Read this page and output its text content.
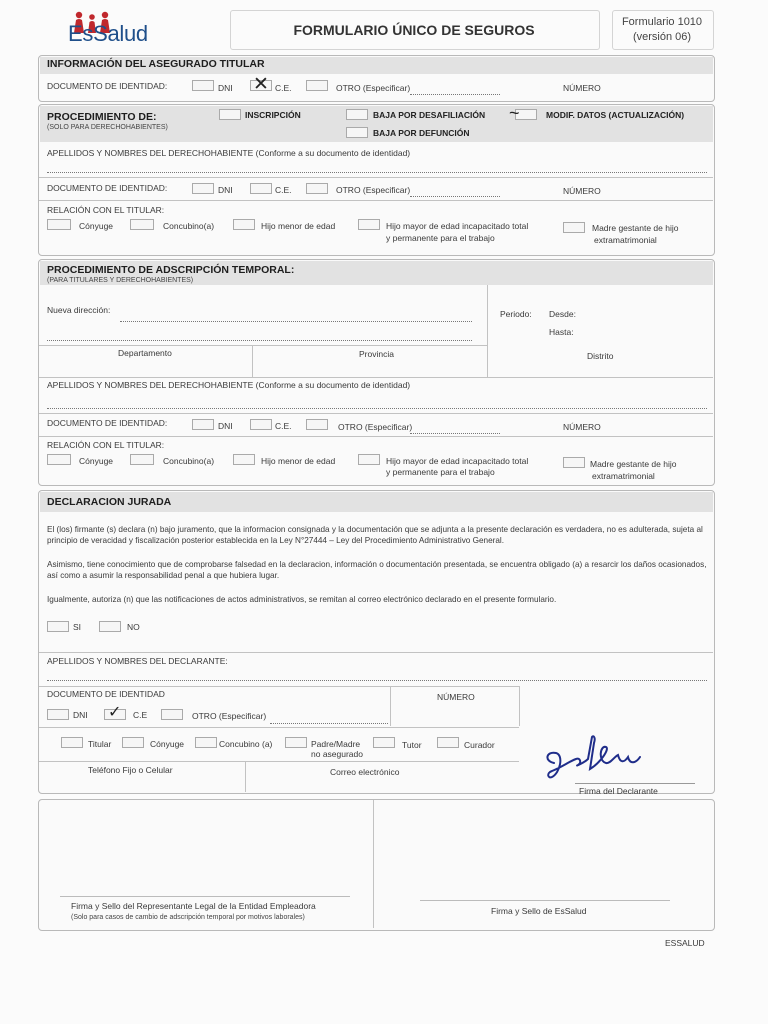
EsSalud	FORMULARIO ÚNICO DE SEGUROS	Formulario 1010
(versión 06)
INFORMACIÓN DEL ASEGURADO TITULAR
DOCUMENTO DE IDENTIDAD:	DNI ✕ C.E.	OTRO (Especificar)	NÚMERO
PROCEDIMIENTO DE:
(SOLO PARA DERECHOHABIENTES)
INSCRIPCIÓN	BAJA POR DESAFILIACIÓN
BAJA POR DEFUNCIÓN
~	MODIF. DATOS (ACTUALIZACIÓN)
APELLIDOS Y NOMBRES DEL DERECHOHABIENTE (Conforme a su documento de identidad)
DOCUMENTO DE IDENTIDAD:	DNI	C.E.	OTRO (Especificar)	NÚMERO
RELACIÓN CON EL TITULAR:
Cónyuge	Concubino(a)	Hijo menor de edad	Hijo mayor de edad incapacitado total
y permanente para el trabajo
Madre gestante de hijo
extramatrimonial
PROCEDIMIENTO DE ADSCRIPCIÓN TEMPORAL:
(PARA TITULARES Y DERECHOHABIENTES)
Nueva dirección:	Periodo: Desde:
Hasta:
Departamento	Provincia	Distrito
APELLIDOS Y NOMBRES DEL DERECHOHABIENTE (Conforme a su documento de identidad)
DOCUMENTO DE IDENTIDAD:	DNI	C.E.	OTRO (Especificar)	NÚMERO
RELACIÓN CON EL TITULAR:
Cónyuge	Concubino(a)	Hijo menor de edad	Hijo mayor de edad incapacitado total
y permanente para el trabajo
Madre gestante de hijo
extramatrimonial
DECLARACION JURADA
El (los) firmante (s) declara (n) bajo juramento, que la informacion consignada y la documentación que se adjunta a la presente declaración es verdadera, no es adulterada, sujeta al principio de veracidad y fiscalización posterior establecida en la Ley N°27444 – Ley del Procedimiento Administrativo General.
Asimismo, tiene conocimiento que de comprobarse falsedad en la declaracion, información o documentación presentada, se encuentra obligado (a) a resarcir los daños ocasionados, así como a asumir la responsabilidad penal a que hubiera lugar.
Igualmente, autoriza (n) que las notificaciones de actos administrativos, se remitan al correo electrónico declarado en el presente formulario.
SI	NO
APELLIDOS Y NOMBRES DEL DECLARANTE:
DOCUMENTO DE IDENTIDAD	NÚMERO
DNI ✓ C.E	OTRO (Especificar)
Titular	Cónyuge	Concubino (a)	Padre/Madre
no asegurado
Tutor	Curador
Teléfono Fijo o Celular	Correo electrónico
Firma del Declarante
Firma y Sello del Representante Legal de la Entidad Empleadora
(Solo para casos de cambio de adscripción temporal por motivos laborales)
Firma y Sello de EsSalud
ESSALUD
